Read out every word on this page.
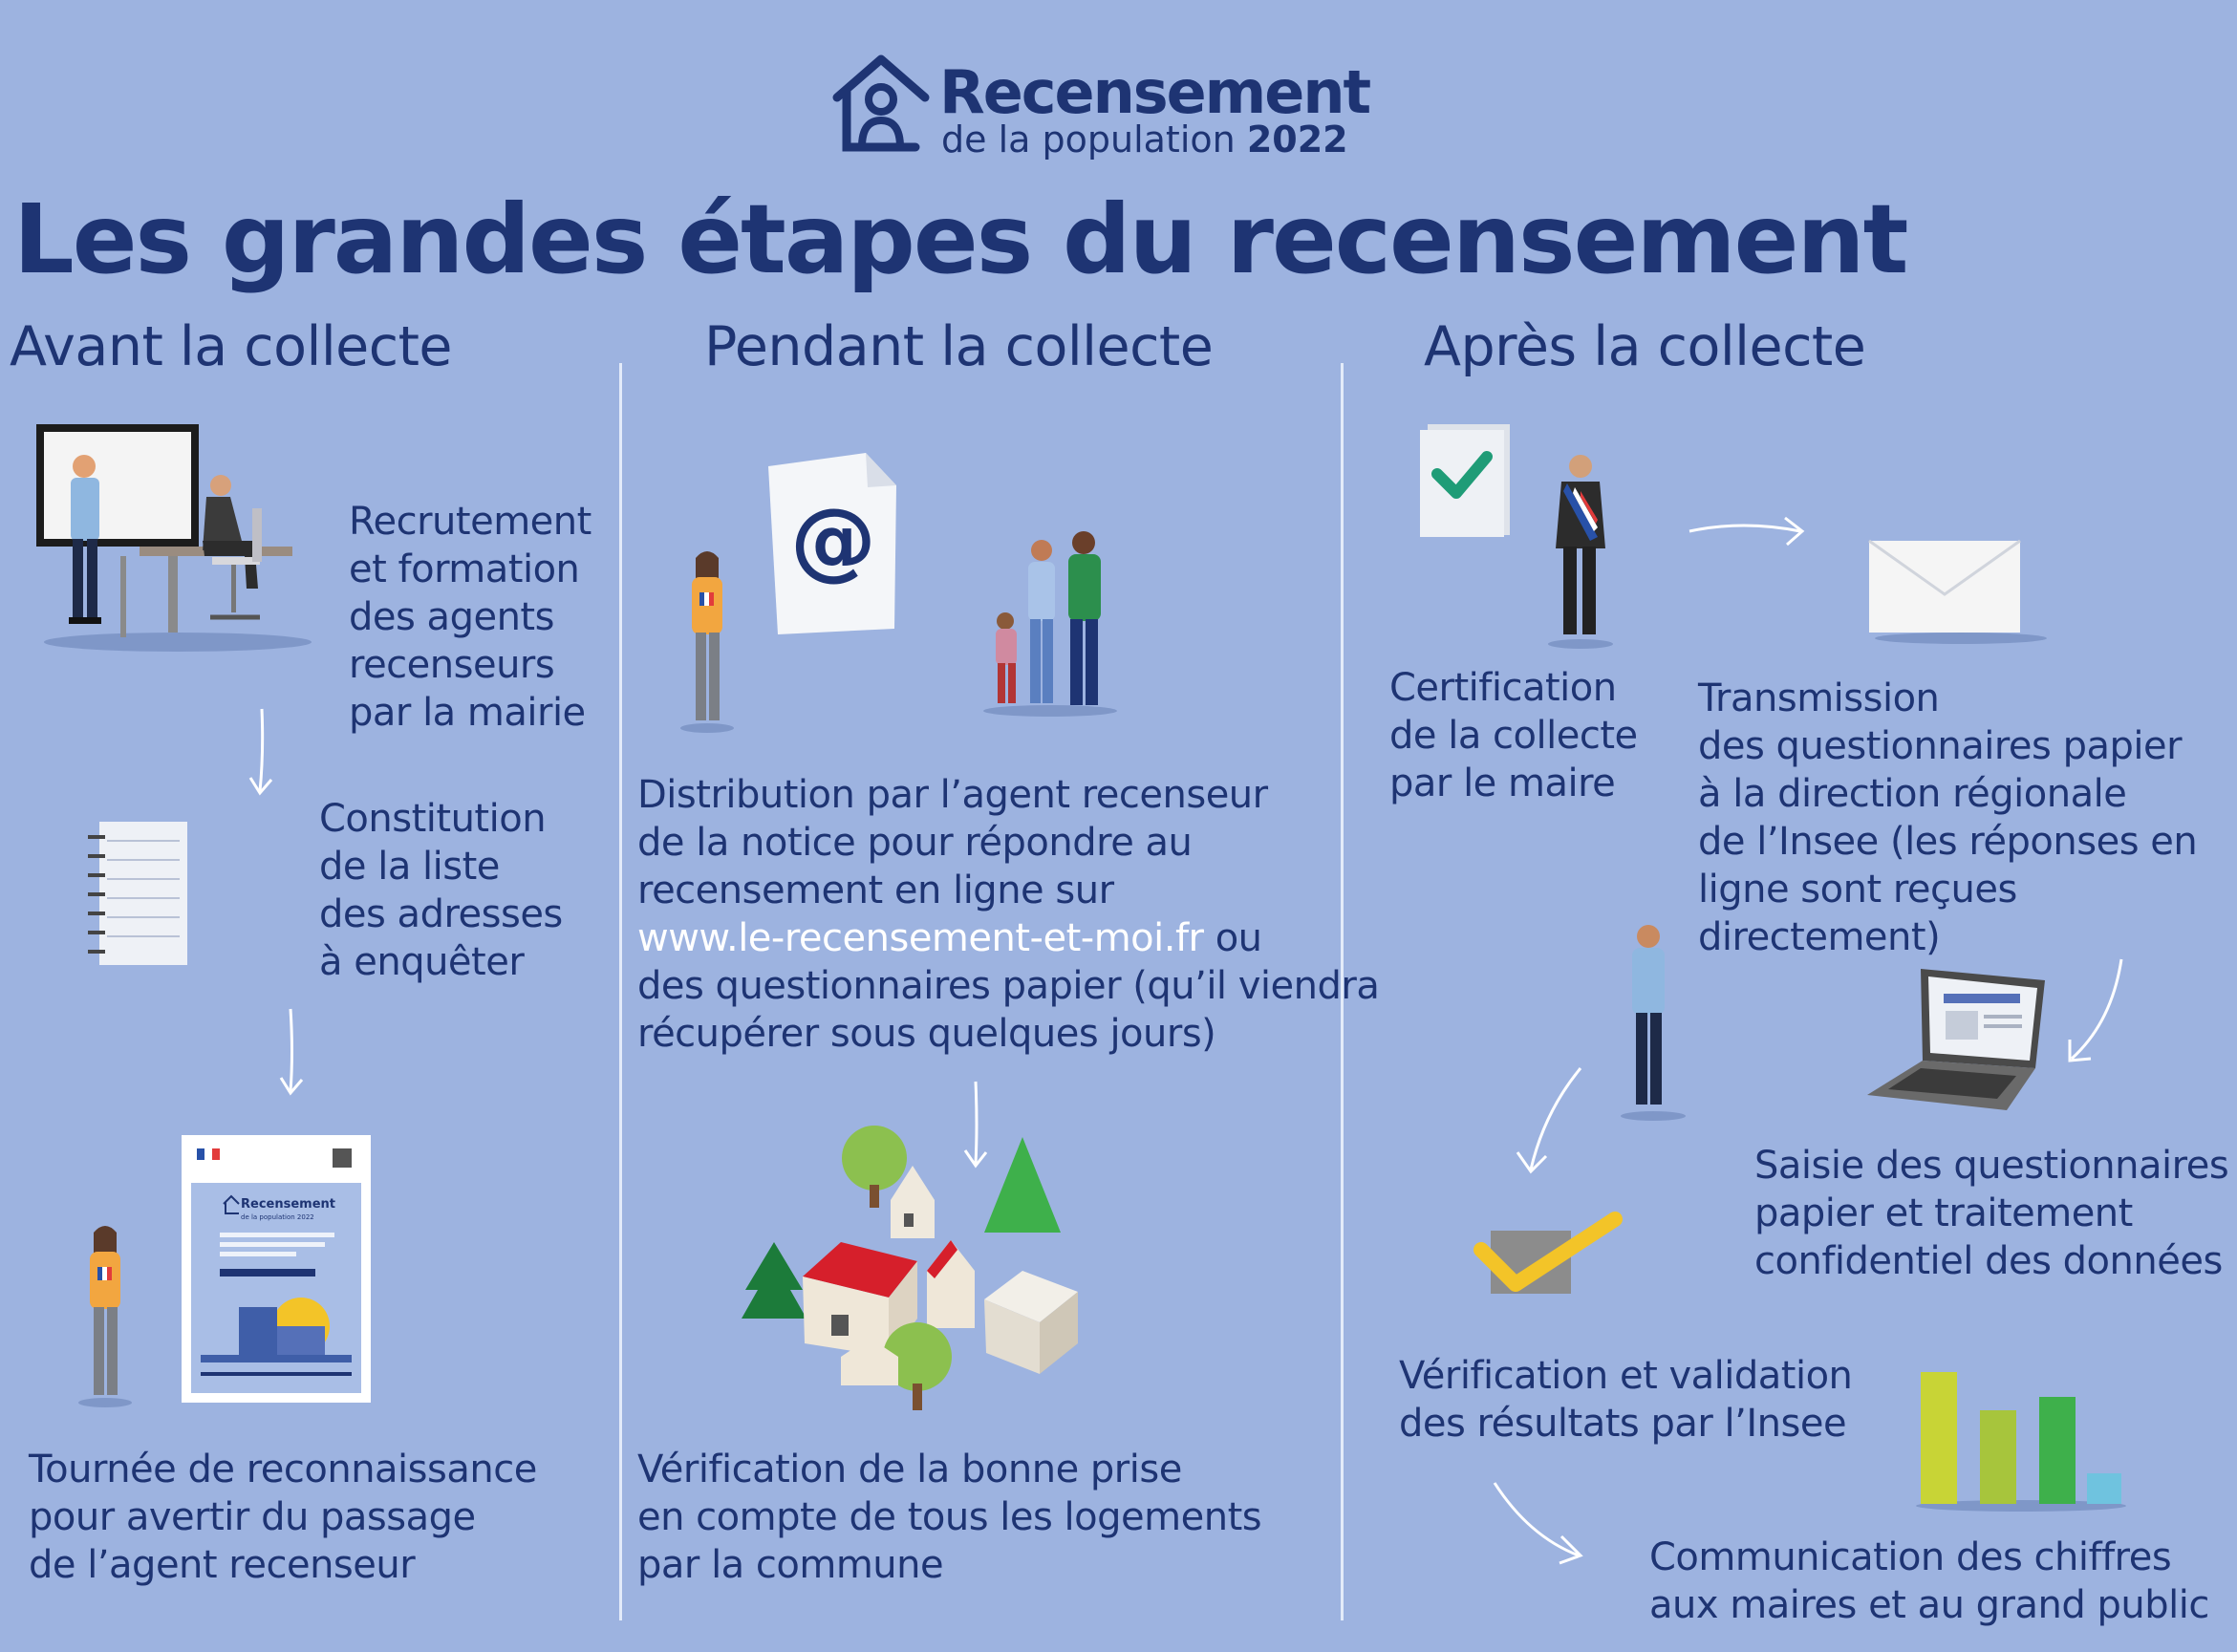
Recensement
de la population 2022
Les grandes étapes du recensement
Avant la collecte	Pendant la collecte	Après la collecte
Recrutement
et formation
des agents
recenseurs
par la mairie
Constitution
de la liste
des adresses
à enquêter
Recensement
de la population 2022
Tournée de reconnaissance
pour avertir du passage
de l’agent recenseur
@
Distribution par l’agent recenseur
de la notice pour répondre au
recensement en ligne sur
www.le-recensement-et-moi.fr ou
des questionnaires papier (qu’il viendra
récupérer sous quelques jours)
Vérification de la bonne prise
en compte de tous les logements
par la commune
Certification
de la collecte
par le maire
Transmission
des questionnaires papier
à la direction régionale
de l’Insee (les réponses en
ligne sont reçues directement)
Saisie des questionnaires
papier et traitement
confidentiel des données
Vérification et validation
des résultats par l’Insee
Communication des chiffres
aux maires et au grand public
